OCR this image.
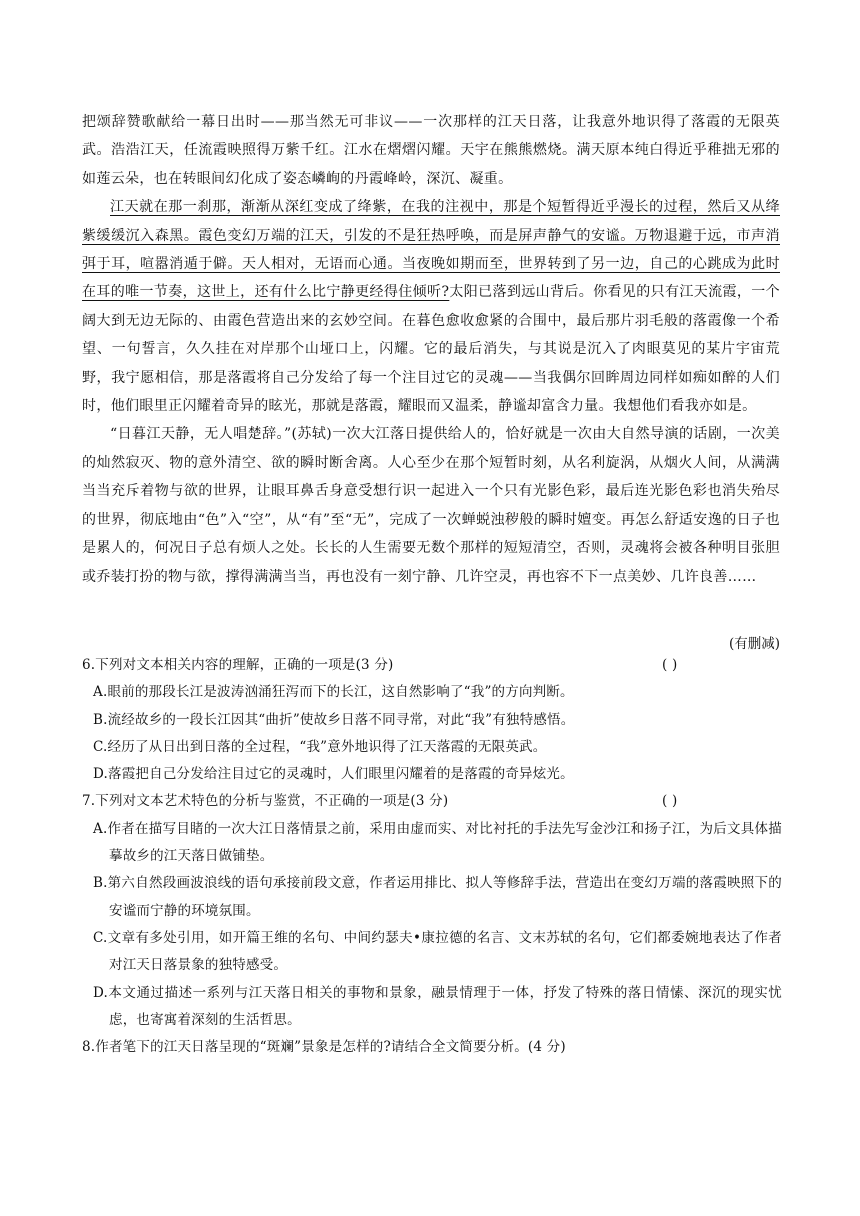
把颂辞赞歌献给一幕日出时——那当然无可非议——一次那样的江天日落，让我意外地识得了落霞的无限英武。浩浩江天，任流霞映照得万紫千红。江水在熠熠闪耀。天宇在熊熊燃烧。满天原本纯白得近乎稚拙无邪的如莲云朵，也在转眼间幻化成了姿态嶙峋的丹霞峰岭，深沉、凝重。

江天就在那一刹那，渐渐从深红变成了绛紫，在我的注视中，那是个短暂得近乎漫长的过程，然后又从绛紫缓缓沉入森黑。霞色变幻万端的江天，引发的不是狂热呼唤，而是屏声静气的安谧。万物退避于远，市声消弭于耳，喧嚣消遁于僻。天人相对，无语而心通。当夜晚如期而至，世界转到了另一边，自己的心跳成为此时在耳的唯一节奏，这世上，还有什么比宁静更经得住倾听?太阳已落到远山背后。你看见的只有江天流霞，一个阔大到无边无际的、由霞色营造出来的玄妙空间。在暮色愈收愈紧的合围中，最后那片羽毛般的落霞像一个希望、一句誓言，久久挂在对岸那个山垭口上，闪耀。它的最后消失，与其说是沉入了肉眼莫见的某片宇宙荒野，我宁愿相信，那是落霞将自己分发给了每一个注目过它的灵魂——当我偶尔回眸周边同样如痴如醉的人们时，他们眼里正闪耀着奇异的眩光，那就是落霞，耀眼而又温柔，静谧却富含力量。我想他们看我亦如是。

“日暮江天静，无人唱楚辞。”(苏轼)一次大江落日提供给人的，恰好就是一次由大自然导演的话剧，一次美的灿然寂灭、物的意外清空、欲的瞬时断舍离。人心至少在那个短暂时刻，从名利旋涡，从烟火人间，从满满当当充斥着物与欲的世界，让眼耳鼻舌身意受想行识一起进入一个只有光影色彩，最后连光影色彩也消失殆尽的世界，彻底地由“色”入“空”，从“有”至“无”，完成了一次蝉蜕浊秽般的瞬时嬗变。再怎么舒适安逸的日子也是累人的，何况日子总有烦人之处。长长的人生需要无数个那样的短短清空，否则，灵魂将会被各种明目张胆或乔装打扮的物与欲，撑得满满当当，再也没有一刻宁静、几许空灵，再也容不下一点美妙、几许良善……

(有删减)

6.下列对文本相关内容的理解，正确的一项是(3 分)	( )

A.眼前的那段长江是波涛汹涌狂泻而下的长江，这自然影响了“我”的方向判断。

B.流经故乡的一段长江因其“曲折”使故乡日落不同寻常，对此“我”有独特感悟。

C.经历了从日出到日落的全过程，“我”意外地识得了江天落霞的无限英武。

D.落霞把自己分发给注目过它的灵魂时，人们眼里闪耀着的是落霞的奇异炫光。

7.下列对文本艺术特色的分析与鉴赏，不正确的一项是(3 分)	( )

A.作者在描写目睹的一次大江日落情景之前，采用由虚而实、对比衬托的手法先写金沙江和扬子江，为后文具体描摹故乡的江天落日做铺垫。

B.第六自然段画波浪线的语句承接前段文意，作者运用排比、拟人等修辞手法，营造出在变幻万端的落霞映照下的安谧而宁静的环境氛围。

C.文章有多处引用，如开篇王维的名句、中间约瑟夫•康拉德的名言、文末苏轼的名句，它们都委婉地表达了作者对江天日落景象的独特感受。

D.本文通过描述一系列与江天落日相关的事物和景象，融景情理于一体，抒发了特殊的落日情愫、深沉的现实忧虑，也寄寓着深刻的生活哲思。

8.作者笔下的江天日落呈现的“斑斓”景象是怎样的?请结合全文简要分析。(4 分)
